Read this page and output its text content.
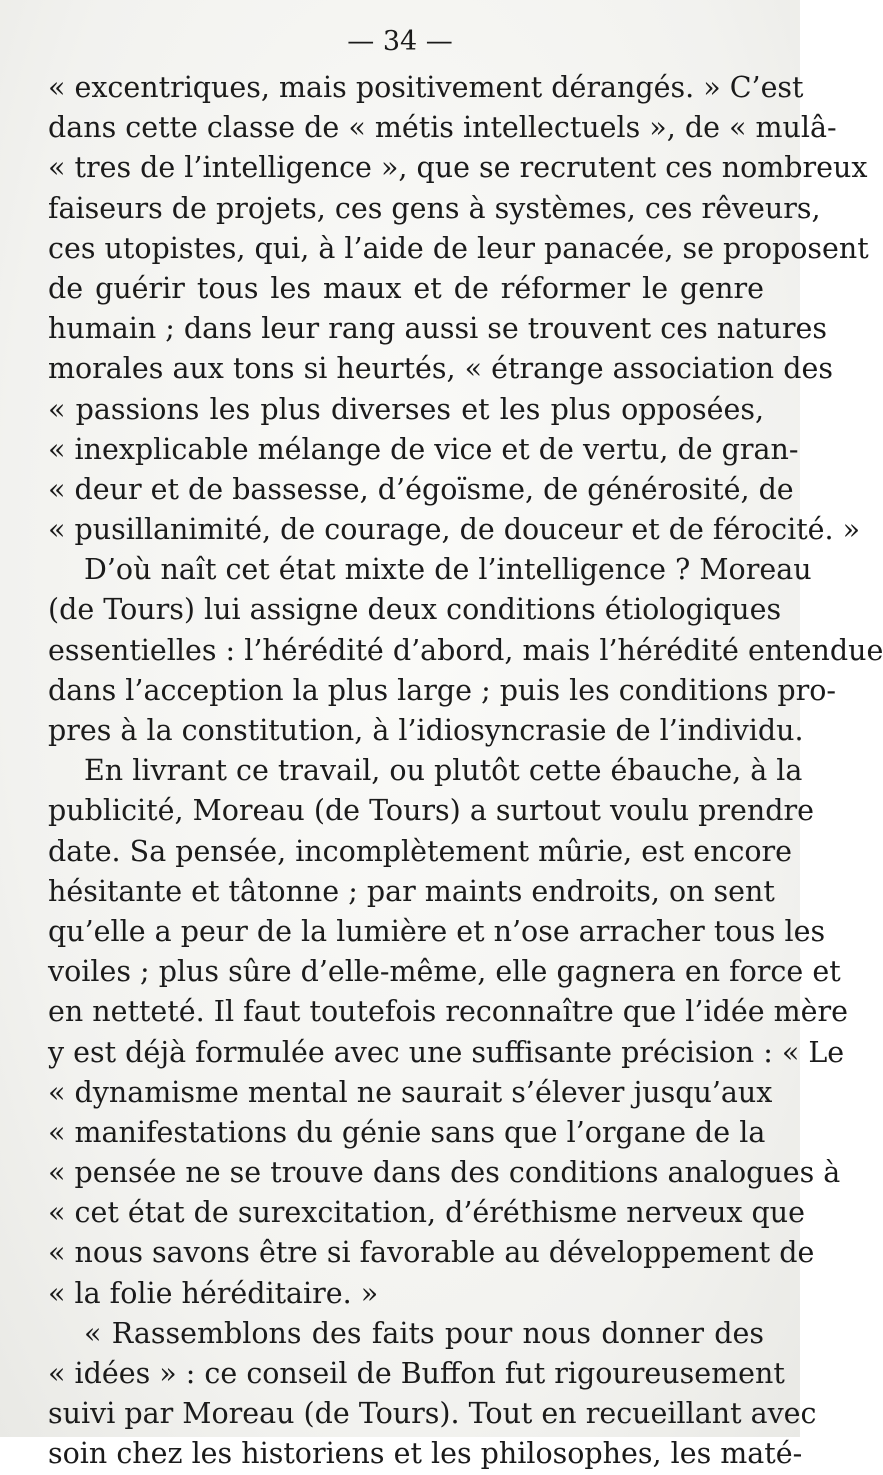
— 34 —
« excentriques, mais positivement dérangés. » C’est
dans cette classe de « métis intellectuels », de « mulâ-
« tres de l’intelligence », que se recrutent ces nombreux
faiseurs de projets, ces gens à systèmes, ces rêveurs,
ces utopistes, qui, à l’aide de leur panacée, se proposent
de guérir tous les maux et de réformer le genre
humain ; dans leur rang aussi se trouvent ces natures
morales aux tons si heurtés, « étrange association des
« passions les plus diverses et les plus opposées,
« inexplicable mélange de vice et de vertu, de gran-
« deur et de bassesse, d’égoïsme, de générosité, de
« pusillanimité, de courage, de douceur et de férocité. »
D’où naît cet état mixte de l’intelligence ? Moreau
(de Tours) lui assigne deux conditions étiologiques
essentielles : l’hérédité d’abord, mais l’hérédité entendue
dans l’acception la plus large ; puis les conditions pro-
pres à la constitution, à l’idiosyncrasie de l’individu.
En livrant ce travail, ou plutôt cette ébauche, à la
publicité, Moreau (de Tours) a surtout voulu prendre
date. Sa pensée, incomplètement mûrie, est encore
hésitante et tâtonne ; par maints endroits, on sent
qu’elle a peur de la lumière et n’ose arracher tous les
voiles ; plus sûre d’elle-même, elle gagnera en force et
en netteté. Il faut toutefois reconnaître que l’idée mère
y est déjà formulée avec une suffisante précision : « Le
« dynamisme mental ne saurait s’élever jusqu’aux
« manifestations du génie sans que l’organe de la
« pensée ne se trouve dans des conditions analogues à
« cet état de surexcitation, d’éréthisme nerveux que
« nous savons être si favorable au développement de
« la folie héréditaire. »
« Rassemblons des faits pour nous donner des
« idées » : ce conseil de Buffon fut rigoureusement
suivi par Moreau (de Tours). Tout en recueillant avec
soin chez les historiens et les philosophes, les maté-
